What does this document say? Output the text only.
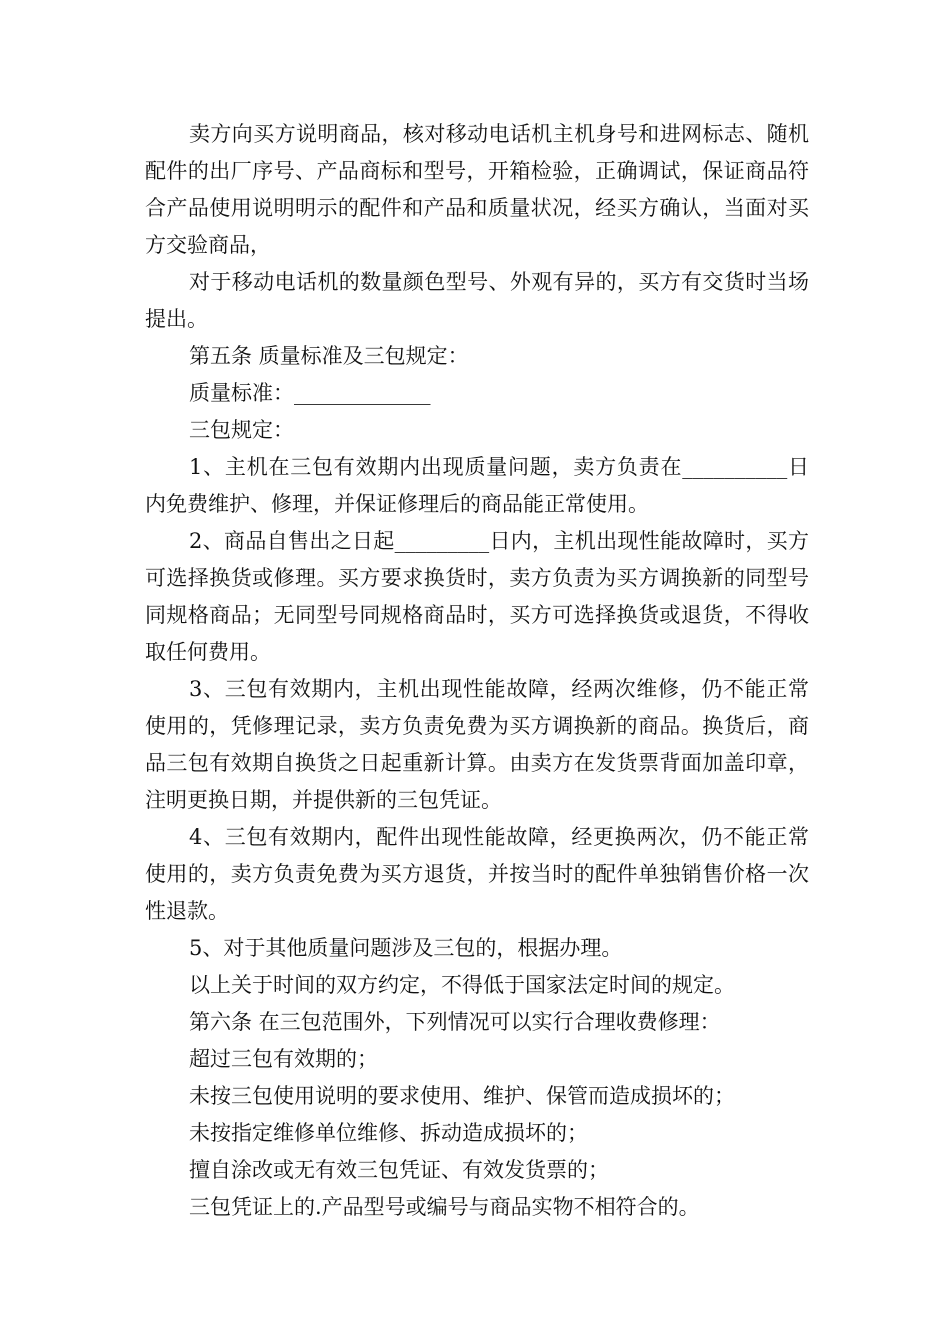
卖方向买方说明商品，核对移动电话机主机身号和进网标志、随机配件的出厂序号、产品商标和型号，开箱检验，正确调试，保证商品符合产品使用说明明示的配件和产品和质量状况，经买方确认，当面对买方交验商品，

对于移动电话机的数量颜色型号、外观有异的，买方有交货时当场提出。

第五条 质量标准及三包规定：

质量标准：_____________

三包规定：

1、主机在三包有效期内出现质量问题，卖方负责在__________日内免费维护、修理，并保证修理后的商品能正常使用。

2、商品自售出之日起_________日内，主机出现性能故障时，买方可选择换货或修理。买方要求换货时，卖方负责为买方调换新的同型号同规格商品；无同型号同规格商品时，买方可选择换货或退货，不得收取任何费用。

3、三包有效期内，主机出现性能故障，经两次维修，仍不能正常使用的，凭修理记录，卖方负责免费为买方调换新的商品。换货后，商品三包有效期自换货之日起重新计算。由卖方在发货票背面加盖印章，注明更换日期，并提供新的三包凭证。

4、三包有效期内，配件出现性能故障，经更换两次，仍不能正常使用的，卖方负责免费为买方退货，并按当时的配件单独销售价格一次性退款。

5、对于其他质量问题涉及三包的，根据办理。

以上关于时间的双方约定，不得低于国家法定时间的规定。

第六条 在三包范围外，下列情况可以实行合理收费修理：

超过三包有效期的；

未按三包使用说明的要求使用、维护、保管而造成损坏的；

未按指定维修单位维修、拆动造成损坏的；

擅自涂改或无有效三包凭证、有效发货票的；

三包凭证上的.产品型号或编号与商品实物不相符合的。
